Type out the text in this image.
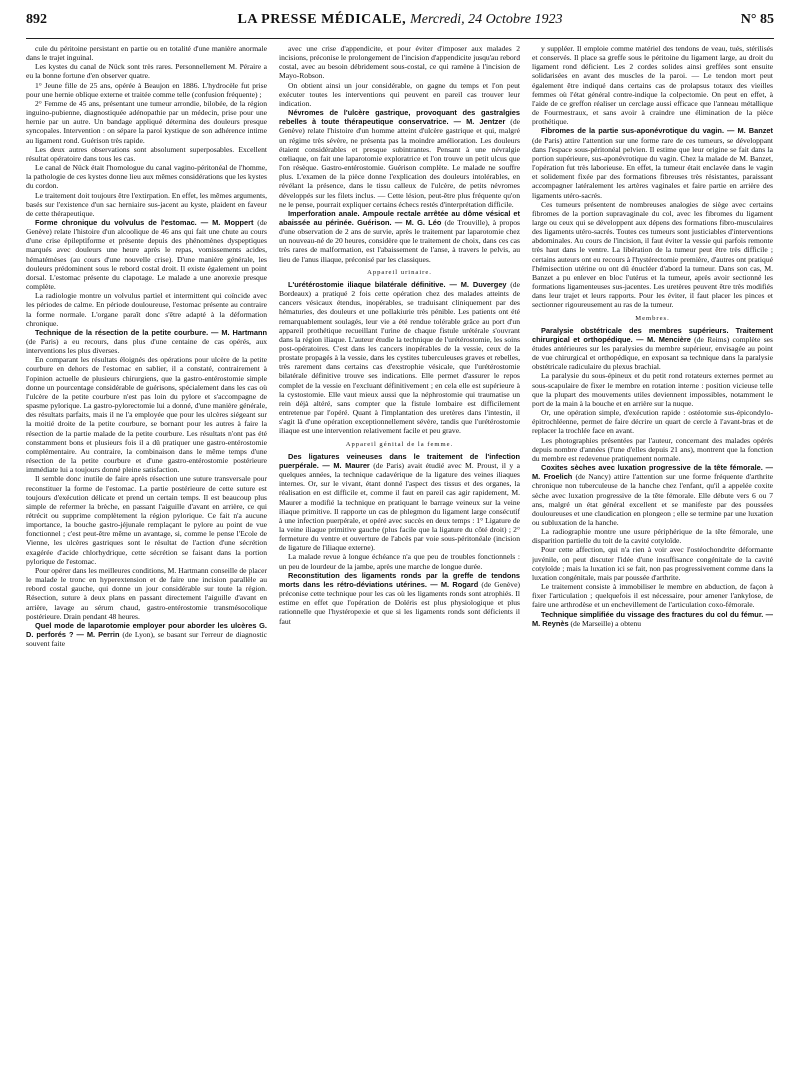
892	LA PRESSE MÉDICALE, Mercredi, 24 Octobre 1923	N° 85

cule du péritoine persistant en partie ou en totalité d'une manière anormale dans le trajet inguinal.

Les kystes du canal de Nück sont très rares. Personnellement M. Péraire a eu la bonne fortune d'en observer quatre.

1° Jeune fille de 25 ans, opérée à Beaujon en 1886. L'hydrocèle fut prise pour une hernie oblique externe et traitée comme telle (confusion fréquente) ;

2° Femme de 45 ans, présentant une tumeur arrondie, bilobée, de la région inguino-pubienne, diagnostiquée adénopathie par un médecin, prise pour une hernie par un autre. Un bandage appliqué détermina des douleurs presque syncopales. Intervention : on sépare la paroi kystique de son adhérence intime au ligament rond. Guérison très rapide.

Les deux autres observations sont absolument superposables. Excellent résultat opératoire dans tous les cas.

Le canal de Nück était l'homologue du canal vagino-péritonéal de l'homme, la pathologie de ces kystes donne lieu aux mêmes considérations que les kystes du cordon.

Le traitement doit toujours être l'extirpation. En effet, les mêmes arguments, basés sur l'existence d'un sac herniaire sus-jacent au kyste, plaident en faveur de cette thérapeutique.

Forme chronique du volvulus de l'estomac. — M. Moppert (de Genève) relate l'histoire d'un alcoolique de 46 ans qui fait une chute au cours d'une crise épileptiforme et présente depuis des phénomènes dyspeptiques marqués avec douleurs une heure après le repas, vomissements acides, hématémèses (au cours d'une nouvelle crise). D'une manière générale, les douleurs prédominent sous le rebord costal droit. Il existe également un point dorsal. L'estomac présente du clapotage. Le malade a une anorexie presque complète.

La radiologie montre un volvulus partiel et intermittent qui coïncide avec les périodes de calme. En période douloureuse, l'estomac présente au contraire la forme normale. L'organe paraît donc s'être adapté à la déformation chronique.

Technique de la résection de la petite courbure. — M. Hartmann (de Paris) a eu recours, dans plus d'une centaine de cas opérés, aux interventions les plus diverses.

En comparant les résultats éloignés des opérations pour ulcère de la petite courbure en dehors de l'estomac en sablier, il a constaté, contrairement à l'opinion actuelle de plusieurs chirurgiens, que la gastro-entérostomie simple donne un pourcentage considérable de guérisons, spécialement dans les cas où l'ulcère de la petite courbure n'est pas loin du pylore et s'accompagne de spasme pylorique. La gastro-pylorectomie lui a donné, d'une manière générale, des résultats parfaits, mais il ne l'a employée que pour les ulcères siégeant sur la moitié droite de la petite courbure, se bornant pour les autres à faire la résection de la partie malade de la petite courbure. Les résultats n'ont pas été constamment bons et plusieurs fois il a dû pratiquer une gastro-entérostomie complémentaire. Au contraire, la combinaison dans le même temps d'une résection de la petite courbure et d'une gastro-entérostomie postérieure immédiate lui a toujours donné pleine satisfaction.

Il semble donc inutile de faire après résection une suture transversale pour reconstituer la forme de l'estomac. La partie postérieure de cette suture est toujours d'exécution délicate et prend un certain temps. Il est beaucoup plus simple de refermer la brèche, en passant l'aiguille d'avant en arrière, ce qui rétrécit ou supprime complètement la région pylorique. Ce fait n'a aucune importance, la bouche gastro-jéjunale remplaçant le pylore au point de vue fonctionnel ; c'est peut-être même un avantage, si, comme le pense l'Ecole de Vienne, les ulcères gastriques sont le résultat de l'action d'une sécrétion exagérée d'acide chlorhydrique, cette sécrétion se faisant dans la portion pylorique de l'estomac.

Pour opérer dans les meilleures conditions, M. Hartmann conseille de placer le malade le tronc en hyperextension et de faire une incision parallèle au rebord costal gauche, qui donne un jour considérable sur toute la région. Résection, suture à deux plans en passant directement l'aiguille d'avant en arrière, lavage au sérum chaud, gastro-entérostomie transmésocolique postérieure. Drain pendant 48 heures.

Quel mode de laparotomie employer pour aborder les ulcères G. D. perforés ? — M. Perrin (de Lyon), se basant sur l'erreur de diagnostic souvent faite

avec une crise d'appendicite, et pour éviter d'imposer aux malades 2 incisions, préconise le prolongement de l'incision d'appendicite jusqu'au rebord costal, avec au besoin débridement sous-costal, ce qui ramène à l'incision de Mayo-Robson.

On obtient ainsi un jour considérable, on gagne du temps et l'on peut exécuter toutes les interventions qui peuvent en pareil cas trouver leur indication.

Névromes de l'ulcère gastrique, provoquant des gastralgies rebelles à toute thérapeutique conservatrice. — M. Jentzer (de Genève) relate l'histoire d'un homme atteint d'ulcère gastrique et qui, malgré un régime très sévère, ne présenta pas la moindre amélioration. Les douleurs étaient considérables et presque subintrantes. Pensant à une névralgie cœliaque, on fait une laparotomie exploratrice et l'on trouve un petit ulcus que l'on résèque. Gastro-entérostomie. Guérison complète. Le malade ne souffre plus. L'examen de la pièce donne l'explication des douleurs intolérables, en révélant la présence, dans le tissu calleux de l'ulcère, de petits névromes développés sur les filets inclus. — Cette lésion, peut-être plus fréquente qu'on ne le pense, pourrait expliquer certains échecs restés d'interprétation difficile.

Imperforation anale. Ampoule rectale arrêtée au dôme vésical et abaissée au périnée. Guérison. — M. G. Léo (de Trouville), à propos d'une observation de 2 ans de survie, après le traitement par laparotomie chez un nouveau-né de 20 heures, considère que le traitement de choix, dans ces cas très rares de malformation, est l'abaissement de l'anse, à travers le pelvis, au lieu de l'anus iliaque, préconisé par les classiques.

Appareil urinaire.

L'urétérostomie iliaque bilatérale définitive. — M. Duvergey (de Bordeaux) a pratiqué 2 fois cette opération chez des malades atteints de cancers vésicaux étendus, inopérables, se traduisant cliniquement par des hématuries, des douleurs et une pollakiurie très pénible. Les patients ont été remarquablement soulagés, leur vie a été rendue tolérable grâce au port d'un appareil prothétique recueillant l'urine de chaque fistule urétérale s'ouvrant dans la région iliaque. L'auteur étudie la technique de l'urétérostomie, les soins post-opératoires. C'est dans les cancers inopérables de la vessie, ceux de la prostate propagés à la vessie, dans les cystites tuberculeuses graves et rebelles, très rarement dans certains cas d'exstrophie vésicale, que l'urétérostomie bilatérale définitive trouve ses indications. Elle permet d'assurer le repos complet de la vessie en l'excluant définitivement ; en cela elle est supérieure à la cystostomie. Elle vaut mieux aussi que la néphrostomie qui traumatise un rein déjà altéré, sans compter que la fistule lombaire est difficilement entretenue par l'opéré. Quant à l'implantation des uretères dans l'intestin, il s'agit là d'une opération exceptionnellement sévère, tandis que l'urétérostomie iliaque est une intervention relativement facile et peu grave.

Appareil génital de la femme.

Des ligatures veineuses dans le traitement de l'infection puerpérale. — M. Maurer (de Paris) avait étudié avec M. Proust, il y a quelques années, la technique cadavérique de la ligature des veines iliaques internes. Or, sur le vivant, étant donné l'aspect des tissus et des organes, la réalisation en est difficile et, comme il faut en pareil cas agir rapidement, M. Maurer a modifié la technique en pratiquant le barrage veineux sur la veine iliaque primitive. Il rapporte un cas de phlegmon du ligament large consécutif à une infection puerpérale, et opéré avec succès en deux temps : 1° Ligature de la veine iliaque primitive gauche (plus facile que la ligature du côté droit) ; 2° fermeture du ventre et ouverture de l'abcès par voie sous-péritonéale (incision de ligature de l'iliaque externe).

La malade revue à longue échéance n'a que peu de troubles fonctionnels : un peu de lourdeur de la jambe, après une marche de longue durée.

Reconstitution des ligaments ronds par la greffe de tendons morts dans les rétro-déviations utérines. — M. Rogard (de Genève) préconise cette technique pour les cas où les ligaments ronds sont atrophiés. Il estime en effet que l'opération de Doléris est plus physiologique et plus rationnelle que l'hystéropexie et que si les ligaments ronds sont déficients il faut

y suppléer. Il emploie comme matériel des tendons de veau, tués, stérilisés et conservés. Il place sa greffe sous le péritoine du ligament large, au droit du ligament rond déficient. Les 2 cordes solides ainsi greffées sont ensuite solidarisées en avant des muscles de la paroi. — Le tendon mort peut également être indiqué dans certains cas de prolapsus totaux des vieilles femmes où l'état général contre-indique la colpectomie. On peut en effet, à l'aide de ce greffon réaliser un cerclage aussi efficace que l'anneau métallique de Fourmestraux, et sans avoir à craindre une élimination de la pièce prothétique.

Fibromes de la partie sus-aponévrotique du vagin. — M. Banzet (de Paris) attire l'attention sur une forme rare de ces tumeurs, se développant dans l'espace sous-péritonéal pelvien. Il estime que leur origine se fait dans la portion supérieure, sus-aponévrotique du vagin. Chez la malade de M. Banzet, l'opération fut très laborieuse. En effet, la tumeur était enclavée dans le vagin et solidement fixée par des formations fibreuses très résistantes, paraissant accompagner latéralement les artères vaginales et faire partie en arrière des ligaments utéro-sacrés.

Ces tumeurs présentent de nombreuses analogies de siège avec certains fibromes de la portion supravaginale du col, avec les fibromes du ligament large ou ceux qui se développent aux dépens des formations fibro-musculaires des ligaments utéro-sacrés. Toutes ces tumeurs sont justiciables d'interventions abdominales. Au cours de l'incision, il faut éviter la vessie qui parfois remonte très haut dans le ventre. La libération de la tumeur peut être très difficile ; certains auteurs ont eu recours à l'hystérectomie première, d'autres ont pratiqué l'hémisection utérine ou ont dû énucléer d'abord la tumeur. Dans son cas, M. Banzet a pu enlever en bloc l'utérus et la tumeur, après avoir sectionné les formations ligamenteuses sus-jacentes. Les uretères peuvent être très modifiés dans leur trajet et leurs rapports. Pour les éviter, il faut placer les pinces et sectionner rigoureusement au ras de la tumeur.

Membres.

Paralysie obstétricale des membres supérieurs. Traitement chirurgical et orthopédique. — M. Mencière (de Reims) complète ses études antérieures sur les paralysies du membre supérieur, envisagée au point de vue chirurgical et orthopédique, en exposant sa technique dans la paralysie obstétricale radiculaire du plexus brachial.

La paralysie du sous-épineux et du petit rond rotateurs externes permet au sous-scapulaire de fixer le membre en rotation interne : position vicieuse telle que la plupart des mouvements utiles deviennent impossibles, notamment le port de la main à la bouche et en arrière sur la nuque.

Or, une opération simple, d'exécution rapide : ostéotomie sus-épicondylo-épitrochléenne, permet de faire décrire un quart de cercle à l'avant-bras et de replacer la trochlée face en avant.

Les photographies présentées par l'auteur, concernant des malades opérés depuis nombre d'années (l'une d'elles depuis 21 ans), montrent que la fonction du membre est redevenue pratiquement normale.

Coxites sèches avec luxation progressive de la tête fémorale. — M. Froelich (de Nancy) attire l'attention sur une forme fréquente d'arthrite chronique non tuberculeuse de la hanche chez l'enfant, qu'il a appelée coxite sèche avec luxation progressive de la tête fémorale. Elle débute vers 6 ou 7 ans, malgré un état général excellent et se manifeste par des poussées douloureuses et une claudication en plongeon ; elle se termine par une luxation ou subluxation de la hanche.

La radiographie montre une usure périphérique de la tête fémorale, une disparition partielle du toit de la cavité cotyloïde.

Pour cette affection, qui n'a rien à voir avec l'ostéochondrite déformante juvénile, on peut discuter l'idée d'une insuffisance congénitale de la cavité cotyloïde ; mais la luxation ici se fait, non pas progressivement comme dans la luxation congénitale, mais par poussée d'arthrite.

Le traitement consiste à immobiliser le membre en abduction, de façon à fixer l'articulation ; quelquefois il est nécessaire, pour amener l'ankylose, de faire une arthrodèse et un enchevillement de l'articulation coxo-fémorale.

Technique simplifiée du vissage des fractures du col du fémur. — M. Reynès (de Marseille) a obtenu
